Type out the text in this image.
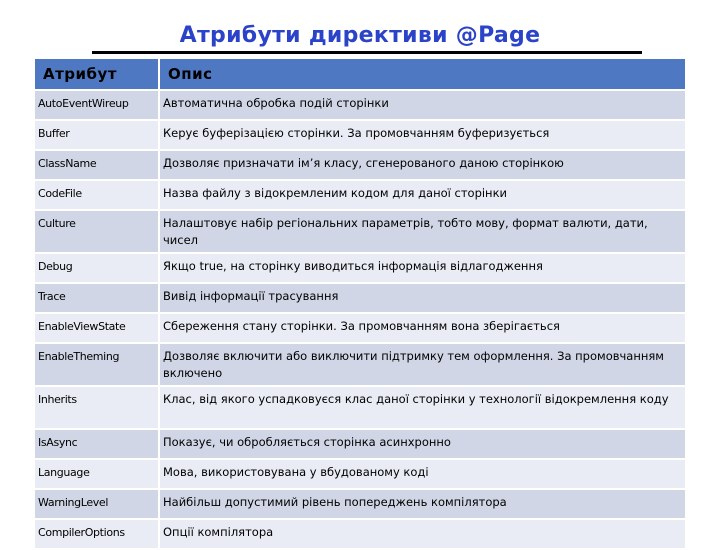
Атрибути директиви @Page
Атрибут	Опис
AutoEventWireup	Автоматична обробка подій сторінки
Buffer	Керує буферізацією сторінки. За промовчанням буферизується
ClassName	Дозволяє призначати ім’я класу, сгенерованого даною сторінкою
CodeFile	Назва файлу з відокремленим кодом для даної сторінки
Culture	Налаштовує набір регіональних параметрів, тобто мову, формат валюти, дати, чисел
Debug	Якщо true, на сторінку виводиться інформація відлагодження
Trace	Вивід інформації трасування
EnableViewState	Сбереження стану сторінки. За промовчанням вона зберігається
EnableTheming	Дозволяє включити або виключити підтримку тем оформлення. За промовчанням включено
Inherits	Клас, від якого успадковуєся клас даної сторінки у технології відокремлення коду
IsAsync	Показує, чи обробляється сторінка асинхронно
Language	Мова, використовувана у вбудованому коді
WarningLevel	Найбільш допустимий рівень попереджень компілятора
CompilerOptions	Опції компілятора
